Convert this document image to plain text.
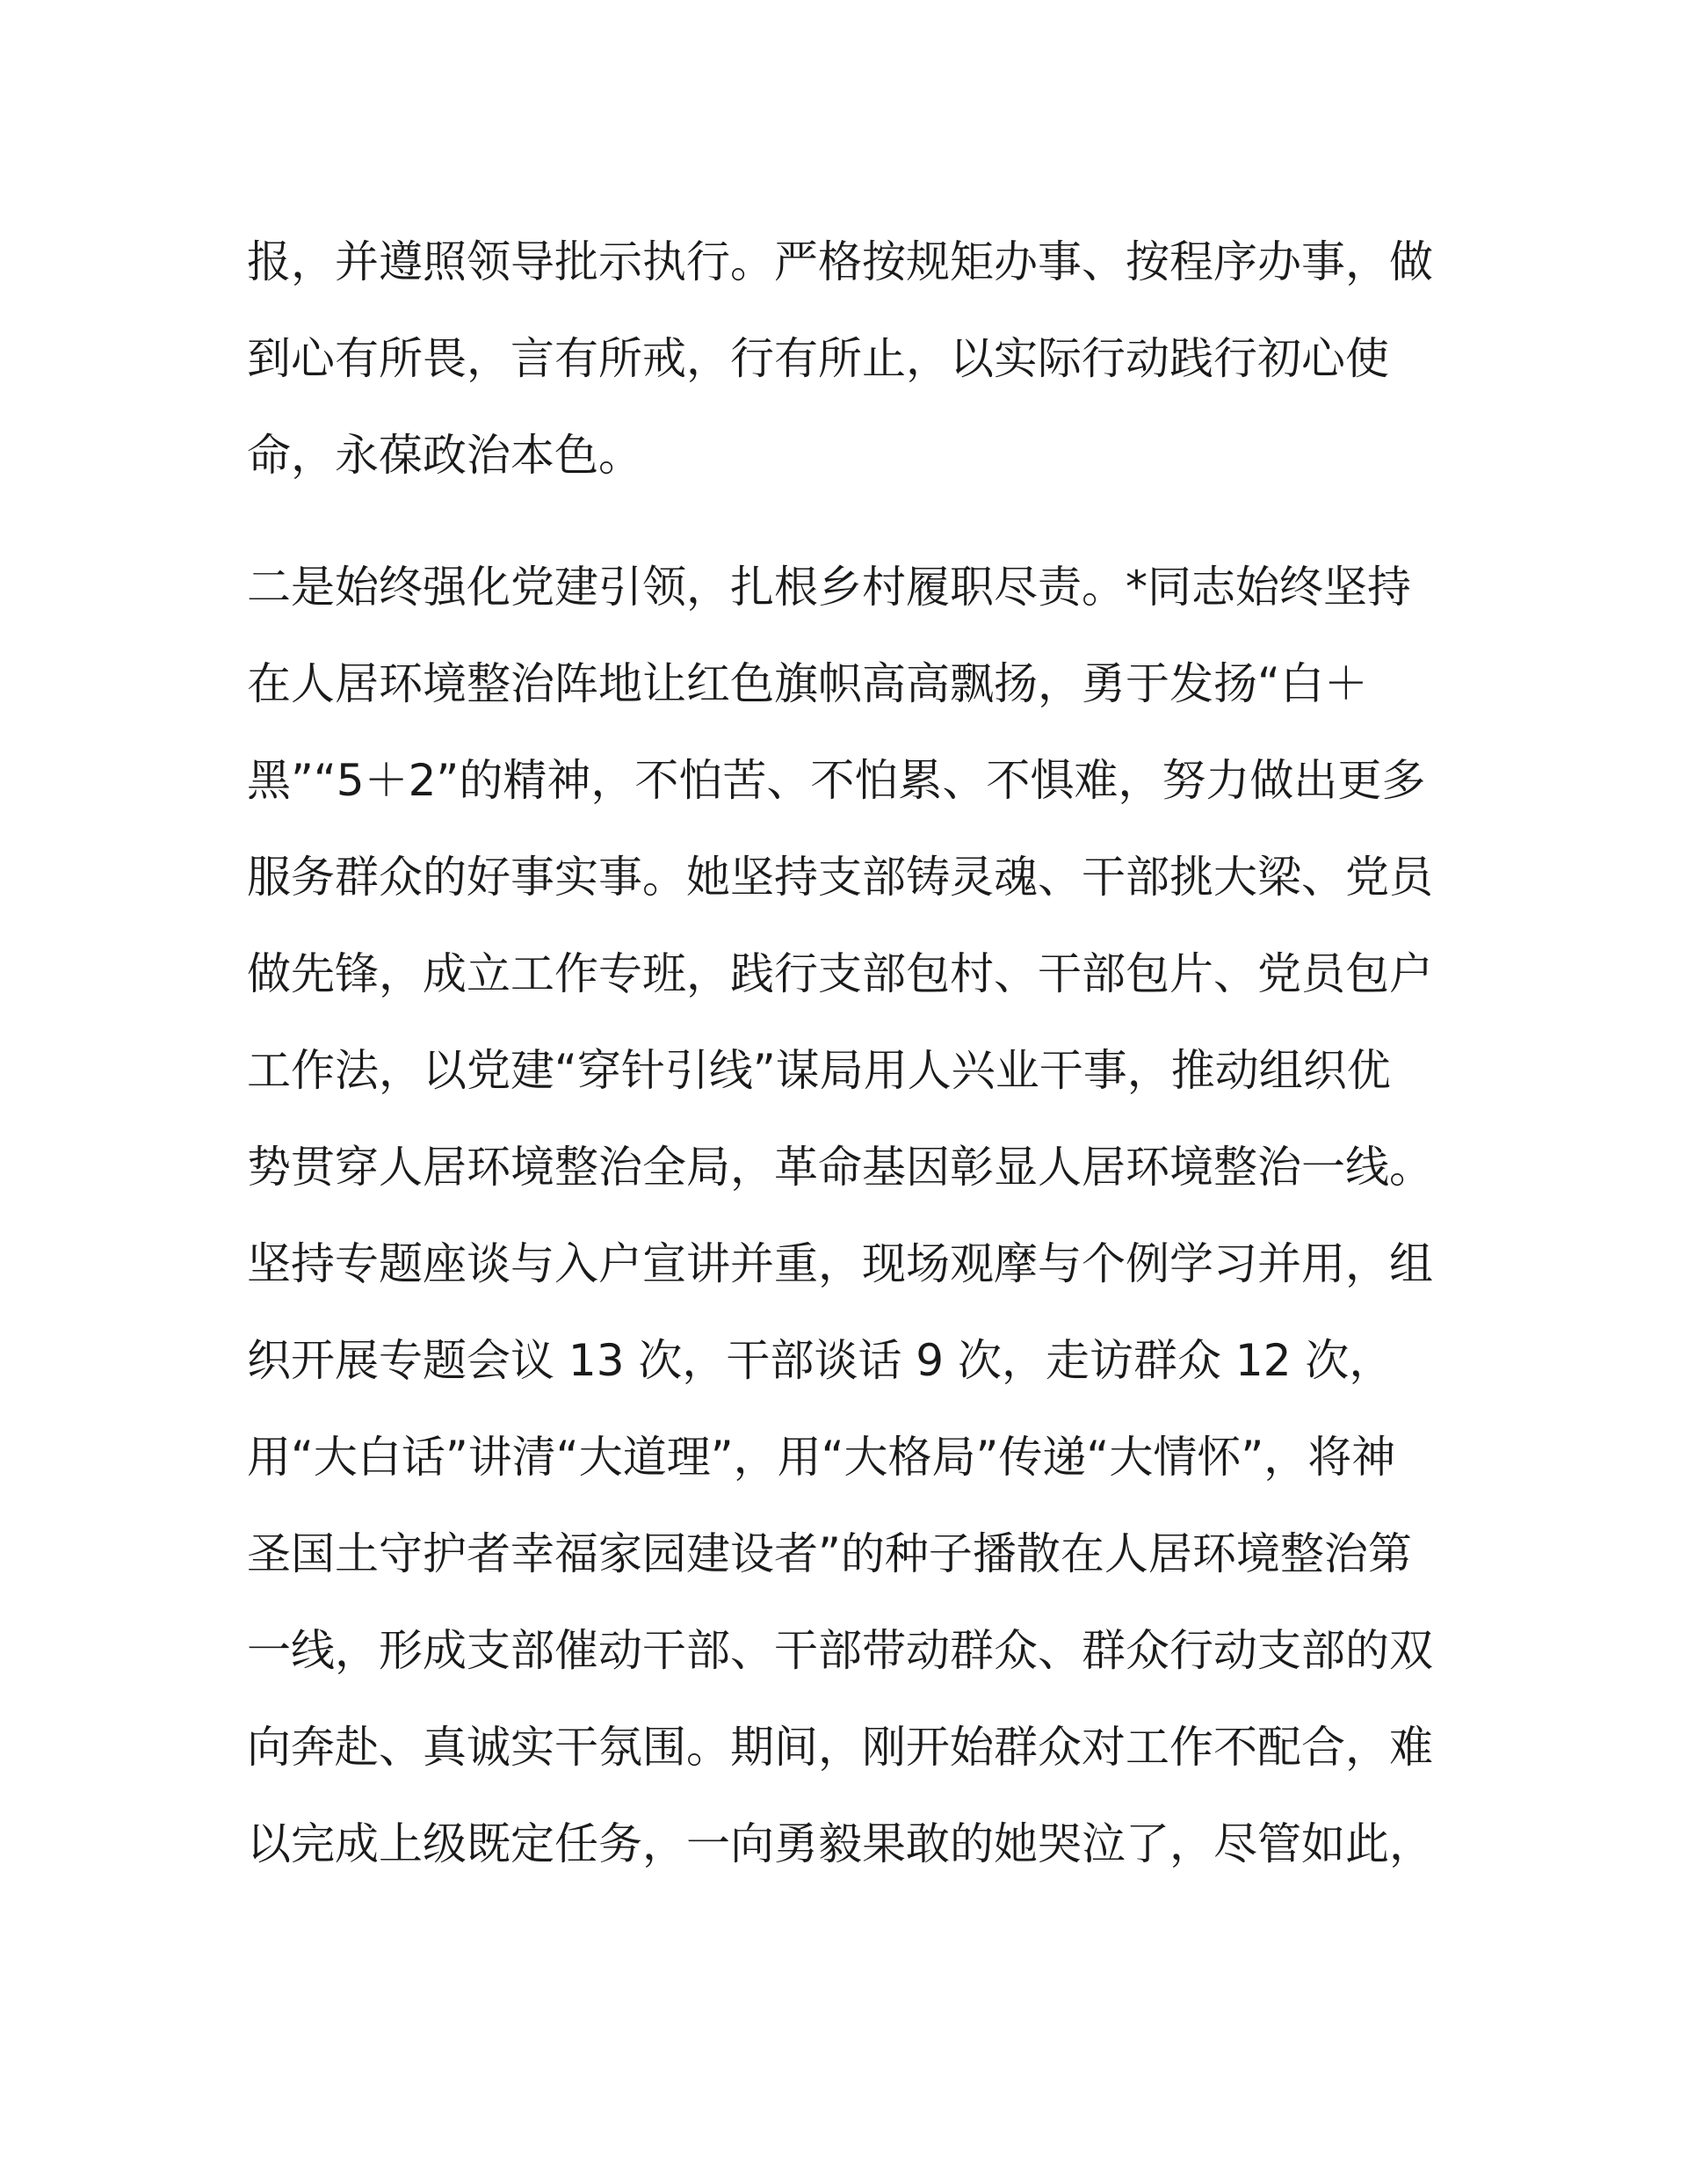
报，并遵照领导批示执行。严格按规矩办事、按程序办事，做

到心有所畏，言有所戒，行有所止，以实际行动践行初心使

命，永葆政治本色。

二是始终强化党建引领，扎根乡村履职尽责。*同志始终坚持

在人居环境整治阵地让红色旗帜高高飘扬，勇于发扬“白＋

黑”“5＋2”的精神，不怕苦、不怕累、不惧难，努力做出更多

服务群众的好事实事。她坚持支部铸灵魂、干部挑大梁、党员

做先锋，成立工作专班，践行支部包村、干部包片、党员包户

工作法，以党建“穿针引线”谋局用人兴业干事，推动组织优

势贯穿人居环境整治全局，革命基因彰显人居环境整治一线。

坚持专题座谈与入户宣讲并重，现场观摩与个例学习并用，组

织开展专题会议 13 次，干部谈话 9 次，走访群众 12 次，

用“大白话”讲清“大道理”，用“大格局”传递“大情怀”，将神

圣国土守护者幸福家园建设者”的种子播散在人居环境整治第

一线，形成支部催动干部、干部带动群众、群众行动支部的双

向奔赴、真诚实干氛围。期间，刚开始群众对工作不配合，难

以完成上级既定任务，一向勇毅果敢的她哭泣了，尽管如此，
